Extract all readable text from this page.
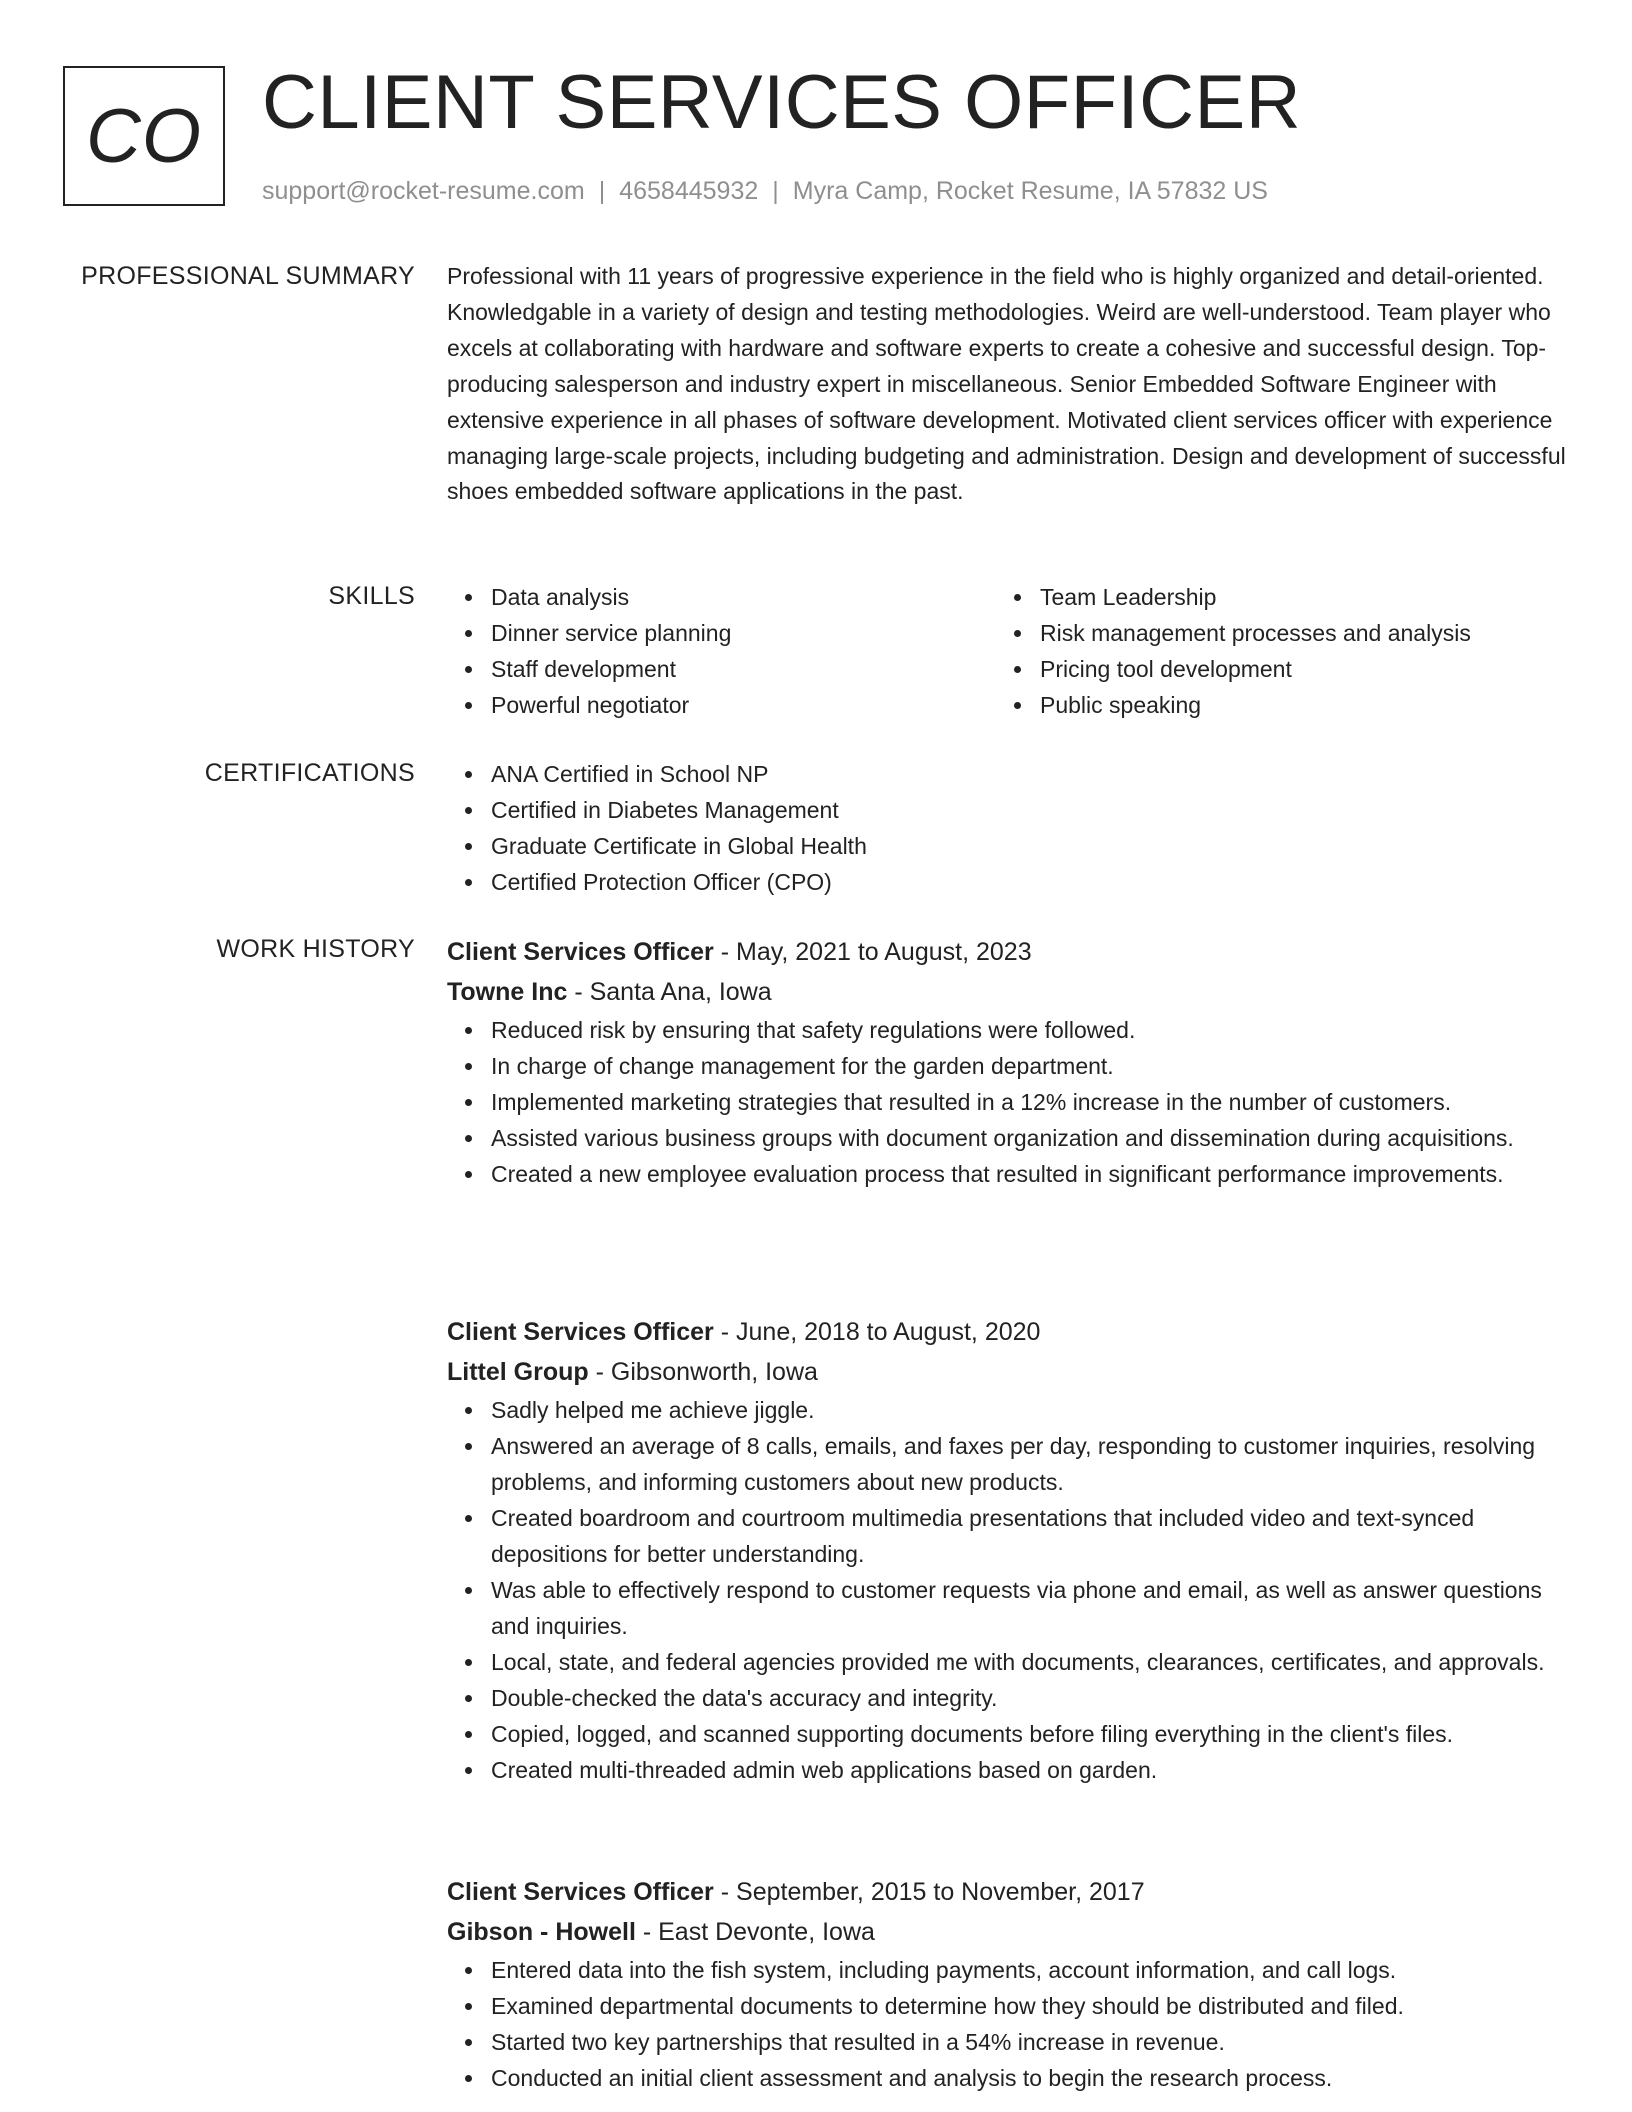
CO CLIENT SERVICES OFFICER
support@rocket-resume.com | 4658445932 | Myra Camp, Rocket Resume, IA 57832 US
PROFESSIONAL SUMMARY Professional with 11 years of progressive experience in the field who is highly organized and detail-oriented. Knowledgable in a variety of design and testing methodologies. Weird are well-understood. Team player who excels at collaborating with hardware and software experts to create a cohesive and successful design. Top-producing salesperson and industry expert in miscellaneous. Senior Embedded Software Engineer with extensive experience in all phases of software development. Motivated client services officer with experience managing large-scale projects, including budgeting and administration. Design and development of successful shoes embedded software applications in the past.

SKILLS	Data analysis
Dinner service planning
Staff development
Powerful negotiator
Team Leadership
Risk management processes and analysis
Pricing tool development
Public speaking
CERTIFICATIONS	ANA Certified in School NP
Certified in Diabetes Management
Graduate Certificate in Global Health
Certified Protection Officer (CPO)
WORK HISTORY Client Services Officer - May, 2021 to August, 2023
Towne Inc - Santa Ana, Iowa
Reduced risk by ensuring that safety regulations were followed.
In charge of change management for the garden department.
Implemented marketing strategies that resulted in a 12% increase in the number of customers.
Assisted various business groups with document organization and dissemination during acquisitions.
Created a new employee evaluation process that resulted in significant performance improvements.
Client Services Officer - June, 2018 to August, 2020
Littel Group - Gibsonworth, Iowa
Sadly helped me achieve jiggle.
Answered an average of 8 calls, emails, and faxes per day, responding to customer inquiries, resolving problems, and informing customers about new products.
Created boardroom and courtroom multimedia presentations that included video and text-synced depositions for better understanding.
Was able to effectively respond to customer requests via phone and email, as well as answer questions and inquiries.
Local, state, and federal agencies provided me with documents, clearances, certificates, and approvals.
Double-checked the data's accuracy and integrity.
Copied, logged, and scanned supporting documents before filing everything in the client's files.
Created multi-threaded admin web applications based on garden.
Client Services Officer - September, 2015 to November, 2017
Gibson - Howell - East Devonte, Iowa
Entered data into the fish system, including payments, account information, and call logs.
Examined departmental documents to determine how they should be distributed and filed.
Started two key partnerships that resulted in a 54% increase in revenue.
Conducted an initial client assessment and analysis to begin the research process.
